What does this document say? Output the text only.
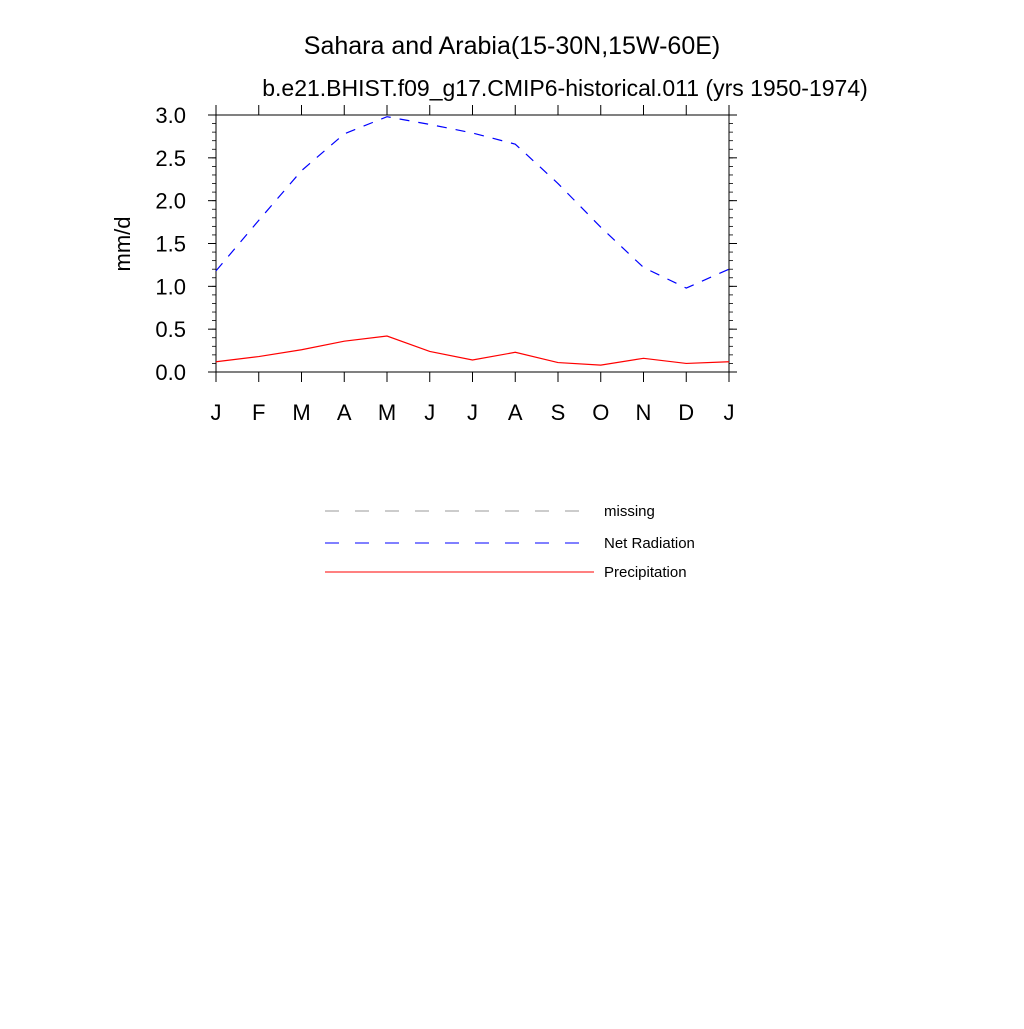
Sahara and Arabia(15-30N,15W-60E)
b.e21.BHIST.f09_g17.CMIP6-historical.011 (yrs 1950-1974)
mm/d
0.0
0.5
1.0
1.5
2.0
2.5
3.0
J F M A M J J A S O N D J
missing
Net Radiation
Precipitation
